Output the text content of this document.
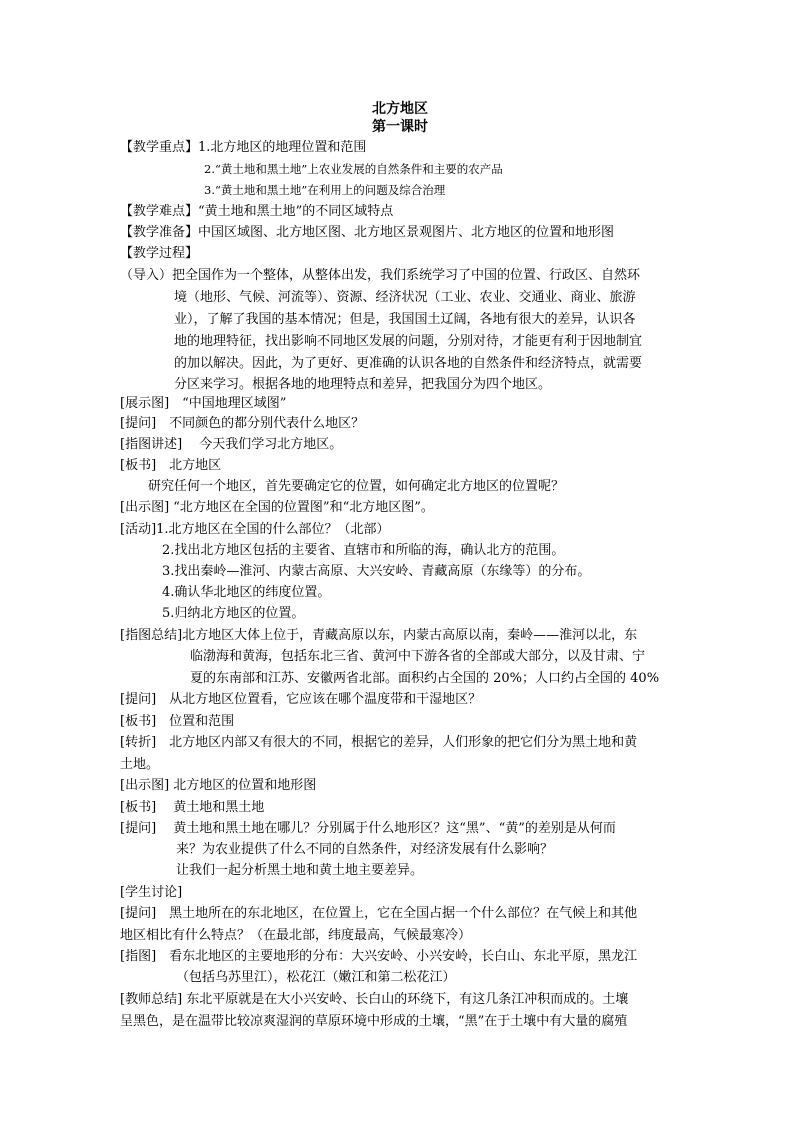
北方地区
第一课时
【教学重点】1.北方地区的地理位置和范围
2.“黄土地和黑土地”上农业发展的自然条件和主要的农产品
3.“黄土地和黑土地”在利用上的问题及综合治理
【教学难点】“黄土地和黑土地”的不同区域特点
【教学准备】中国区域图、北方地区图、北方地区景观图片、北方地区的位置和地形图
【教学过程】
（导入）把全国作为一个整体，从整体出发，我们系统学习了中国的位置、行政区、自然环
境（地形、气候、河流等）、资源、经济状况（工业、农业、交通业、商业、旅游
业），了解了我国的基本情况；但是，我国国土辽阔，各地有很大的差异，认识各
地的地理特征，找出影响不同地区发展的问题，分别对待，才能更有利于因地制宜
的加以解决。因此，为了更好、更准确的认识各地的自然条件和经济特点，就需要
分区来学习。根据各地的地理特点和差异，把我国分为四个地区。
[展示图]　“中国地理区域图”
[提问]　不同颜色的都分别代表什么地区？
[指图讲述]　 今天我们学习北方地区。
[板书]　北方地区
研究任何一个地区，首先要确定它的位置，如何确定北方地区的位置呢？
[出示图] “北方地区在全国的位置图”和“北方地区图”。
[活动]1.北方地区在全国的什么部位？（北部）
2.找出北方地区包括的主要省、直辖市和所临的海，确认北方的范围。
3.找出秦岭—淮河、内蒙古高原、大兴安岭、青藏高原（东缘等）的分布。
4.确认华北地区的纬度位置。
5.归纳北方地区的位置。
[指图总结]北方地区大体上位于，青藏高原以东，内蒙古高原以南，秦岭——淮河以北，东
临渤海和黄海，包括东北三省、黄河中下游各省的全部或大部分，以及甘肃、宁
夏的东南部和江苏、安徽两省北部。面积约占全国的 20%；人口约占全国的 40%
[提问]　从北方地区位置看，它应该在哪个温度带和干湿地区？
[板书]　位置和范围
[转折]　北方地区内部又有很大的不同，根据它的差异，人们形象的把它们分为黑土地和黄
土地。
[出示图] 北方地区的位置和地形图
[板书]　 黄土地和黑土地
[提问]　 黄土地和黑土地在哪儿？分别属于什么地形区？这“黑”、“黄”的差别是从何而
来？为农业提供了什么不同的自然条件，对经济发展有什么影响？
让我们一起分析黑土地和黄土地主要差异。
[学生讨论]
[提问]　黑土地所在的东北地区，在位置上，它在全国占据一个什么部位？在气候上和其他
地区相比有什么特点？（在最北部，纬度最高，气候最寒冷）
[指图]　看东北地区的主要地形的分布：大兴安岭、小兴安岭，长白山、东北平原，黑龙江
（包括乌苏里江），松花江（嫩江和第二松花江）
[教师总结] 东北平原就是在大小兴安岭、长白山的环绕下，有这几条江冲积而成的。土壤
呈黑色，是在温带比较凉爽湿润的草原环境中形成的土壤，“黑”在于土壤中有大量的腐殖
